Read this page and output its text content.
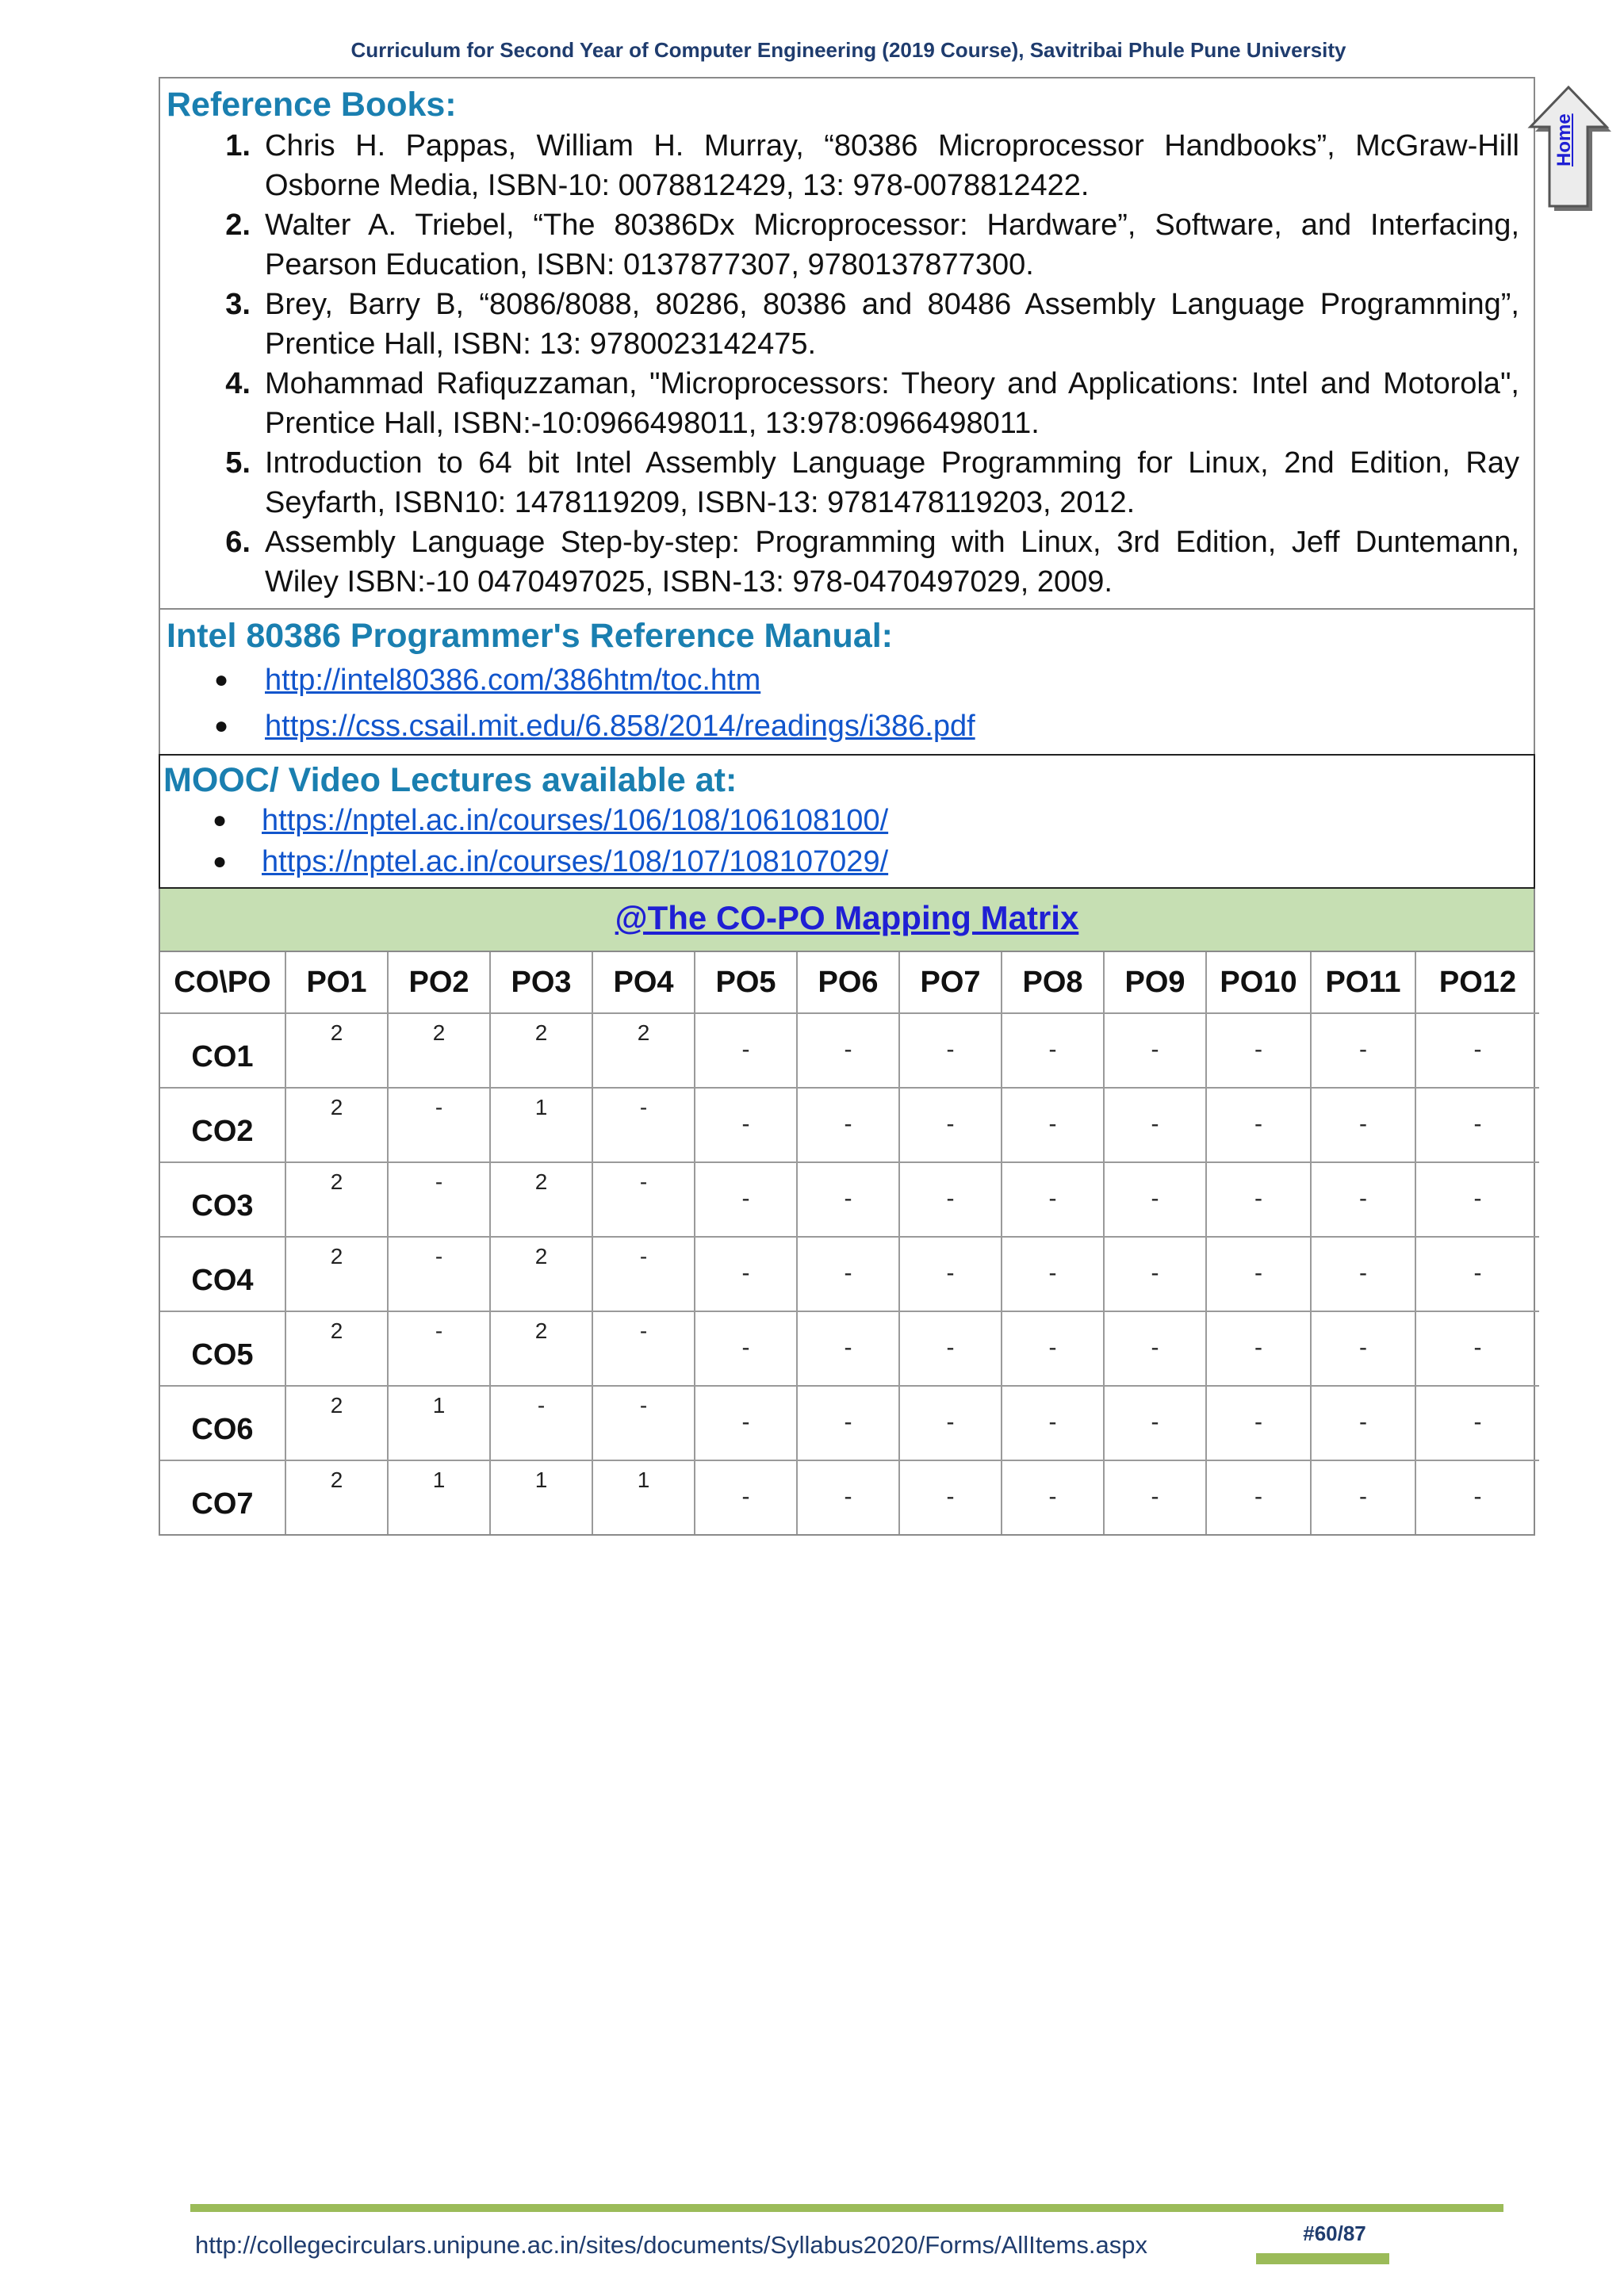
Curriculum for Second Year of Computer Engineering (2019 Course), Savitribai Phule Pune University
Reference Books:
1. Chris H. Pappas, William H. Murray, “80386 Microprocessor Handbooks”, McGraw-Hill Osborne Media, ISBN-10: 0078812429, 13: 978-0078812422.
2. Walter A. Triebel, “The 80386Dx Microprocessor: Hardware”, Software, and Interfacing, Pearson Education, ISBN: 0137877307, 9780137877300.
3. Brey, Barry B, “8086/8088, 80286, 80386 and 80486 Assembly Language Programming”, Prentice Hall, ISBN: 13: 9780023142475.
4. Mohammad Rafiquzzaman, "Microprocessors: Theory and Applications: Intel and Motorola", Prentice Hall, ISBN:-10:0966498011, 13:978:0966498011.
5. Introduction to 64 bit Intel Assembly Language Programming for Linux, 2nd Edition, Ray Seyfarth, ISBN10: 1478119209, ISBN-13: 9781478119203, 2012.
6. Assembly Language Step-by-step: Programming with Linux, 3rd Edition, Jeff Duntemann, Wiley ISBN:-10 0470497025, ISBN-13: 978-0470497029, 2009.
Intel 80386 Programmer's Reference Manual:
● http://intel80386.com/386htm/toc.htm
● https://css.csail.mit.edu/6.858/2014/readings/i386.pdf
MOOC/ Video Lectures available at:
● https://nptel.ac.in/courses/106/108/106108100/
● https://nptel.ac.in/courses/108/107/108107029/
@The CO-PO Mapping Matrix
CO\PO	PO1	PO2	PO3	PO4	PO5	PO6	PO7	PO8	PO9	PO10	PO11	PO12
CO1	2	2	2	2	-	-	-	-	-	-	-	-

CO2	2	-	1	-	-	-	-	-	-	-	-	-

CO3	2	-	2	-	-	-	-	-	-	-	-	-

CO4	2	-	2	-	-	-	-	-	-	-	-	-

CO5	2	-	2	-	-	-	-	-	-	-	-	-

CO6	2	1	-	-	-	-	-	-	-	-	-	-

CO7	2	1	1	1	-	-	-	-	-	-	-	-
Home
http://collegecirculars.unipune.ac.in/sites/documents/Syllabus2020/Forms/AllItems.aspx	#60/87
